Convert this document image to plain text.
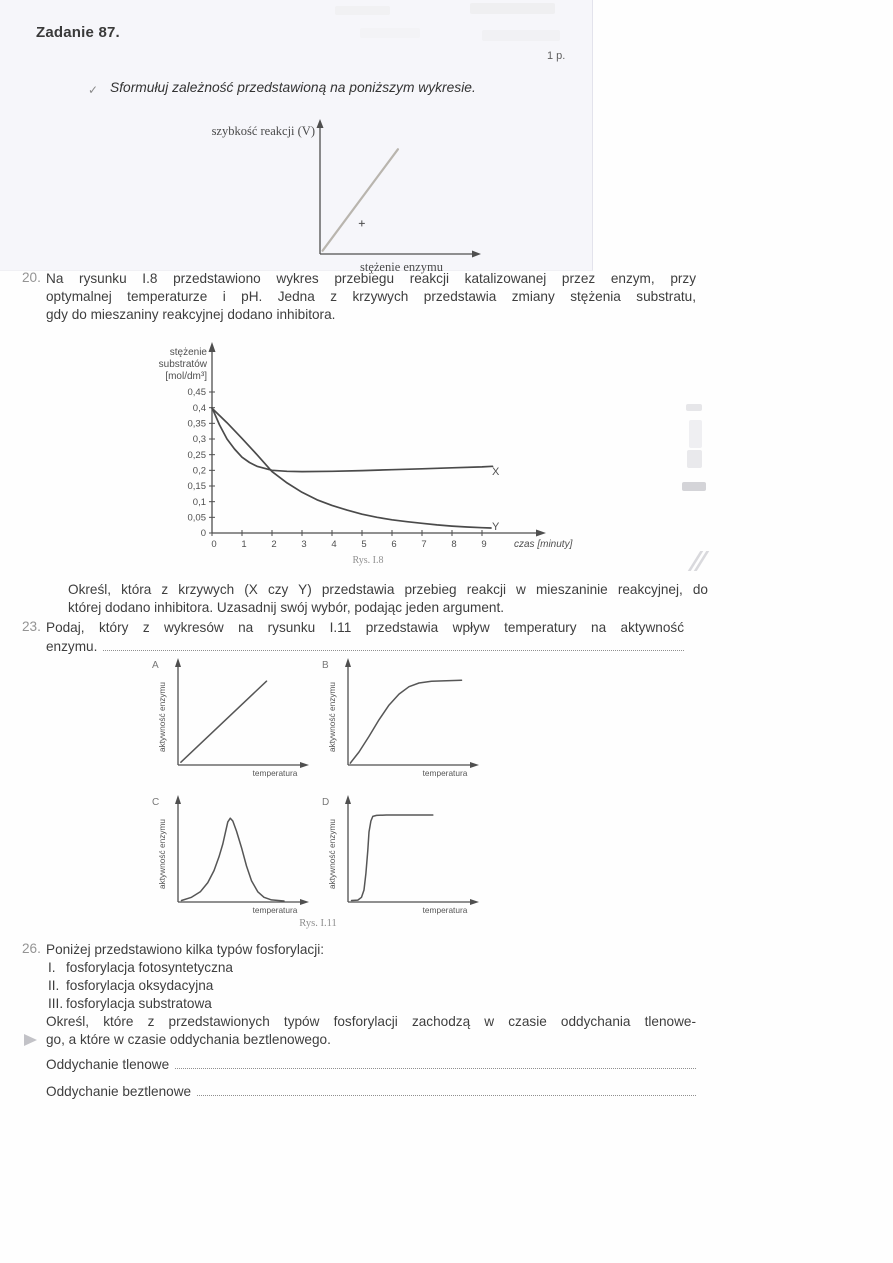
Zadanie 87.
1 p.
✓ Sformułuj zależność przedstawioną na poniższym wykresie.
szybkość reakcji (V)
stężenie enzymu
20. Na rysunku I.8 przedstawiono wykres przebiegu reakcji katalizowanej przez enzym, przy
optymalnej temperaturze i pH. Jedna z krzywych przedstawia zmiany stężenia substratu,
gdy do mieszaniny reakcyjnej dodano inhibitora.
stężenie
substratów
[mol/dm³]
0,45
0,4
0,35
0,3
0,25
0,2
0,15
0,1
0,05
0
0	1	2	3	4	5	6	7	8	9
X
Y
czas [minuty]
Rys. I.8
Określ, która z krzywych (X czy Y) przedstawia przebieg reakcji w mieszaninie reakcyjnej, do
której dodano inhibitora. Uzasadnij swój wybór, podając jeden argument.
23. Podaj, który z wykresów na rysunku I.11 przedstawia wpływ temperatury na aktywność
enzymu.
A
aktywność enzymu
temperatura
B
aktywność enzymu
temperatura
C
aktywność enzymu
temperatura
D
aktywność enzymu
temperatura
Rys. I.11
26. Poniżej przedstawiono kilka typów fosforylacji:
I. fosforylacja fotosyntetyczna
II. fosforylacja oksydacyjna
III. fosforylacja substratowa
Określ, które z przedstawionych typów fosforylacji zachodzą w czasie oddychania tlenowe-
go, a które w czasie oddychania beztlenowego.
Oddychanie tlenowe
Oddychanie beztlenowe
